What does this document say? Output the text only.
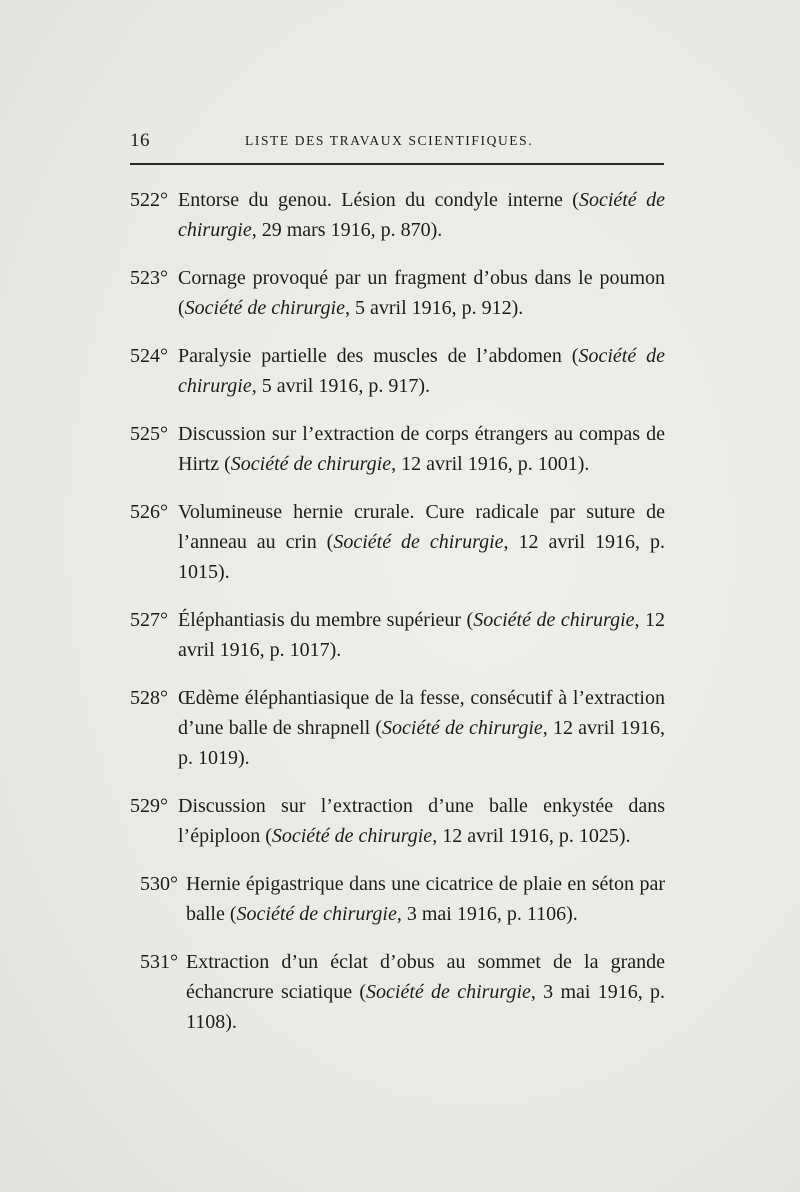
16	LISTE DES TRAVAUX SCIENTIFIQUES.
522° Entorse du genou. Lésion du condyle interne (Société de chirurgie, 29 mars 1916, p. 870).
523° Cornage provoqué par un fragment d’obus dans le poumon (Société de chirurgie, 5 avril 1916, p. 912).
524° Paralysie partielle des muscles de l’abdomen (Société de chirurgie, 5 avril 1916, p. 917).
525° Discussion sur l’extraction de corps étrangers au compas de Hirtz (Société de chirurgie, 12 avril 1916, p. 1001).
526° Volumineuse hernie crurale. Cure radicale par suture de l’anneau au crin (Société de chirurgie, 12 avril 1916, p. 1015).
527° Éléphantiasis du membre supérieur (Société de chirurgie, 12 avril 1916, p. 1017).
528° Œdème éléphantiasique de la fesse, consécutif à l’extraction d’une balle de shrapnell (Société de chirurgie, 12 avril 1916, p. 1019).
529° Discussion sur l’extraction d’une balle enkystée dans l’épiploon (Société de chirurgie, 12 avril 1916, p. 1025).
530° Hernie épigastrique dans une cicatrice de plaie en séton par balle (Société de chirurgie, 3 mai 1916, p. 1106).
531° Extraction d’un éclat d’obus au sommet de la grande échancrure sciatique (Société de chirurgie, 3 mai 1916, p. 1108).
